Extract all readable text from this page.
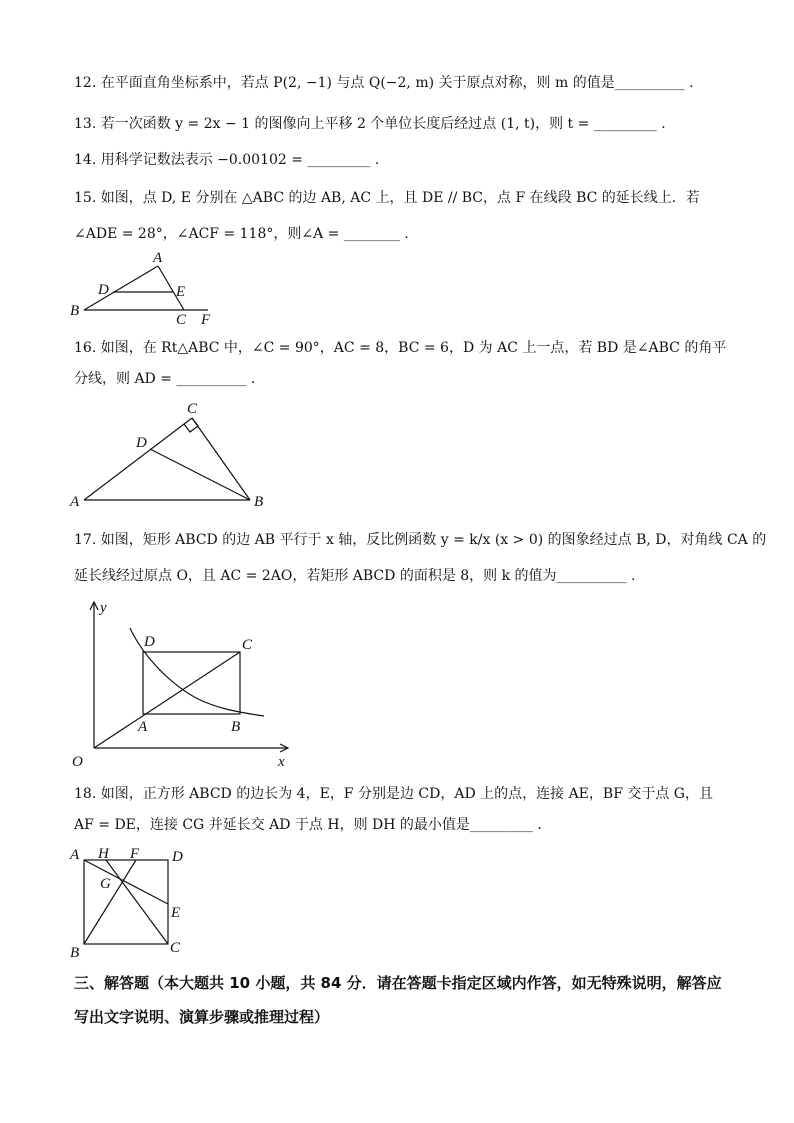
12. 在平面直角坐标系中，若点 P(2, −1) 与点 Q(−2, m) 关于原点对称，则 m 的值是__________ .
13. 若一次函数 y = 2x − 1 的图像向上平移 2 个单位长度后经过点 (1, t)，则 t = _________ .
14. 用科学记数法表示 −0.00102 = _________ .
15. 如图，点 D, E 分别在 △ABC 的边 AB, AC 上，且 DE // BC，点 F 在线段 BC 的延长线上．若
∠ADE = 28°，∠ACF = 118°，则∠A = ________ .
A
B
C
D	E
F
16. 如图，在 Rt△ABC 中，∠C = 90°，AC = 8，BC = 6，D 为 AC 上一点，若 BD 是∠ABC 的角平
分线，则 AD = __________ .
A	B
C
D
17. 如图，矩形 ABCD 的边 AB 平行于 x 轴，反比例函数 y = k/x (x > 0) 的图象经过点 B, D，对角线 CA 的
延长线经过原点 O，且 AC = 2AO，若矩形 ABCD 的面积是 8，则 k 的值为__________ .
y
x
O
A	B
C
D
18. 如图，正方形 ABCD 的边长为 4，E，F 分别是边 CD，AD 上的点，连接 AE，BF 交于点 G，且
AF = DE，连接 CG 并延长交 AD 于点 H，则 DH 的最小值是_________ .
A H F D
G
E
B	C
三、解答题（本大题共 10 小题，共 84 分．请在答题卡指定区域内作答，如无特殊说明，解答应写出文字说明、演算步骤或推理过程）
